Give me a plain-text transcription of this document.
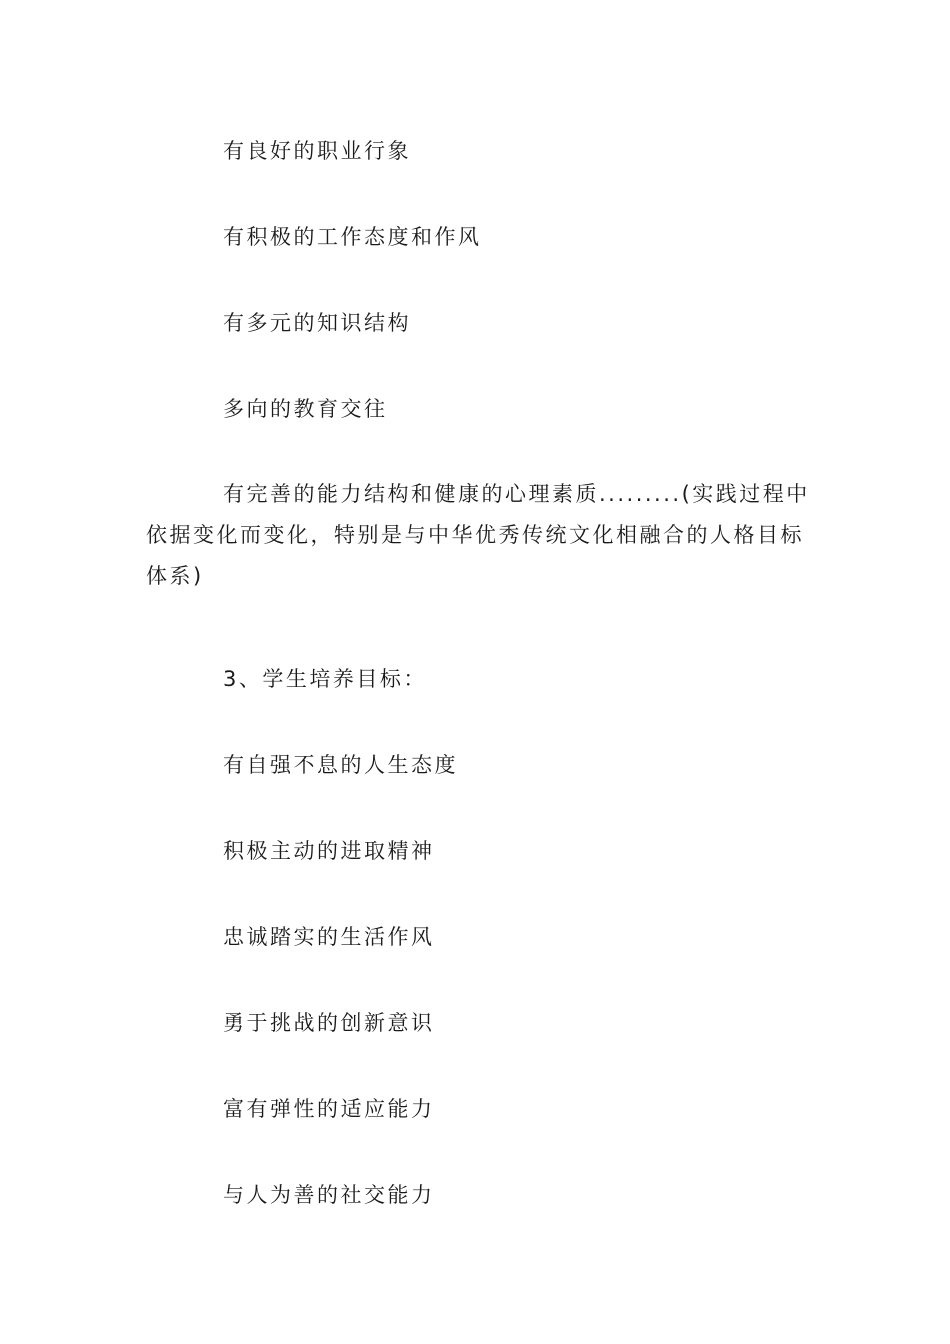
有良好的职业行象
有积极的工作态度和作风
有多元的知识结构
多向的教育交往
有完善的能力结构和健康的心理素质.........(实践过程中依据变化而变化，特别是与中华优秀传统文化相融合的人格目标体系)
3、学生培养目标：
有自强不息的人生态度
积极主动的进取精神
忠诚踏实的生活作风
勇于挑战的创新意识
富有弹性的适应能力
与人为善的社交能力
